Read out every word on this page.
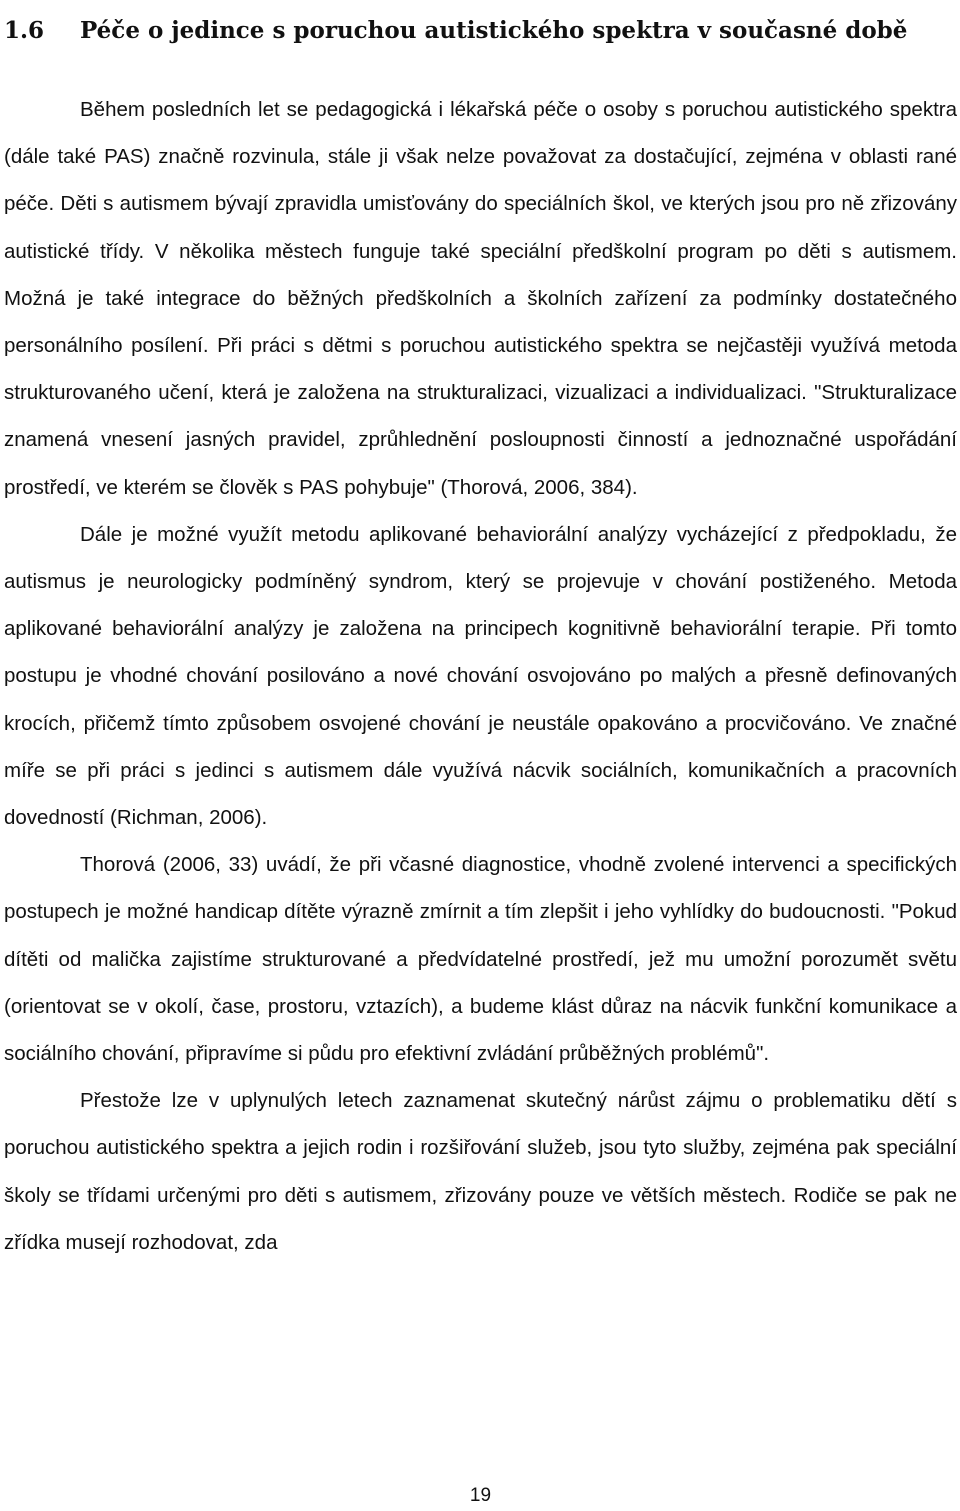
1.6 Péče o jedince s poruchou autistického spektra v současné době

Během posledních let se pedagogická i lékařská péče o osoby s poruchou autistického spektra (dále také PAS) značně rozvinula, stále ji však nelze považovat za dostačující, zejména v oblasti rané péče. Děti s autismem bývají zpravidla umisťovány do speciálních škol, ve kterých jsou pro ně zřizovány autistické třídy. V několika městech funguje také speciální předškolní program po děti s autismem. Možná je také integrace do běžných předškolních a školních zařízení za podmínky dostatečného personálního posílení. Při práci s dětmi s poruchou autistického spektra se nejčastěji využívá metoda strukturovaného učení, která je založena na strukturalizaci, vizualizaci a individualizaci. "Strukturalizace znamená vnesení jasných pravidel, zprůhlednění posloupnosti činností a jednoznačné uspořádání prostředí, ve kterém se člověk s PAS pohybuje" (Thorová, 2006, 384).

Dále je možné využít metodu aplikované behaviorální analýzy vycházející z předpokladu, že autismus je neurologicky podmíněný syndrom, který se projevuje v chování postiženého. Metoda aplikované behaviorální analýzy je založena na principech kognitivně behaviorální terapie. Při tomto postupu je vhodné chování posilováno a nové chování osvojováno po malých a přesně definovaných krocích, přičemž tímto způsobem osvojené chování je neustále opakováno a procvičováno. Ve značné míře se při práci s jedinci s autismem dále využívá nácvik sociálních, komunikačních a pracovních dovedností (Richman, 2006).

Thorová (2006, 33) uvádí, že při včasné diagnostice, vhodně zvolené intervenci a specifických postupech je možné handicap dítěte výrazně zmírnit a tím zlepšit i jeho vyhlídky do budoucnosti. "Pokud dítěti od malička zajistíme strukturované a předvídatelné prostředí, jež mu umožní porozumět světu (orientovat se v okolí, čase, prostoru, vztazích), a budeme klást důraz na nácvik funkční komunikace a sociálního chování, připravíme si půdu pro efektivní zvládání průběžných problémů".

Přestože lze v uplynulých letech zaznamenat skutečný nárůst zájmu o problematiku dětí s poruchou autistického spektra a jejich rodin i rozšiřování služeb, jsou tyto služby, zejména pak speciální školy se třídami určenými pro děti s autismem, zřizovány pouze ve větších městech. Rodiče se pak ne zřídka musejí rozhodovat, zda

19
